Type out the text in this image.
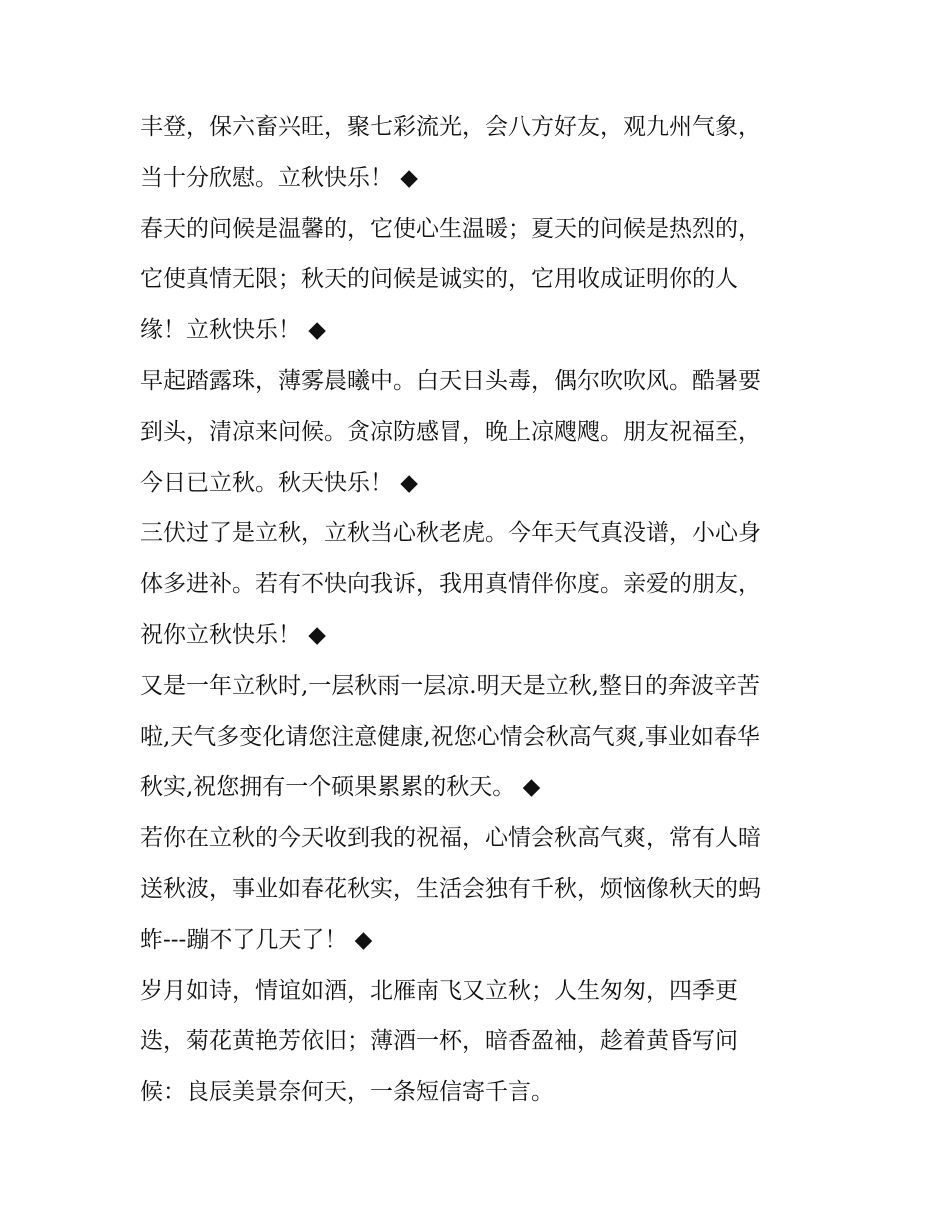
丰登，保六畜兴旺，聚七彩流光，会八方好友，观九州气象，
当十分欣慰。立秋快乐！ ◆
春天的问候是温馨的，它使心生温暖；夏天的问候是热烈的，
它使真情无限；秋天的问候是诚实的，它用收成证明你的人
缘！立秋快乐！ ◆
早起踏露珠，薄雾晨曦中。白天日头毒，偶尔吹吹风。酷暑要
到头，清凉来问候。贪凉防感冒，晚上凉飕飕。朋友祝福至，
今日已立秋。秋天快乐！ ◆
三伏过了是立秋，立秋当心秋老虎。今年天气真没谱，小心身
体多进补。若有不快向我诉，我用真情伴你度。亲爱的朋友，
祝你立秋快乐！ ◆
又是一年立秋时,一层秋雨一层凉.明天是立秋,整日的奔波辛苦
啦,天气多变化请您注意健康,祝您心情会秋高气爽,事业如春华
秋实,祝您拥有一个硕果累累的秋天。 ◆
若你在立秋的今天收到我的祝福，心情会秋高气爽，常有人暗
送秋波，事业如春花秋实，生活会独有千秋，烦恼像秋天的蚂
蚱---蹦不了几天了！ ◆
岁月如诗，情谊如酒，北雁南飞又立秋；人生匆匆，四季更
迭，菊花黄艳芳依旧；薄酒一杯，暗香盈袖，趁着黄昏写问
候：良辰美景奈何天，一条短信寄千言。
